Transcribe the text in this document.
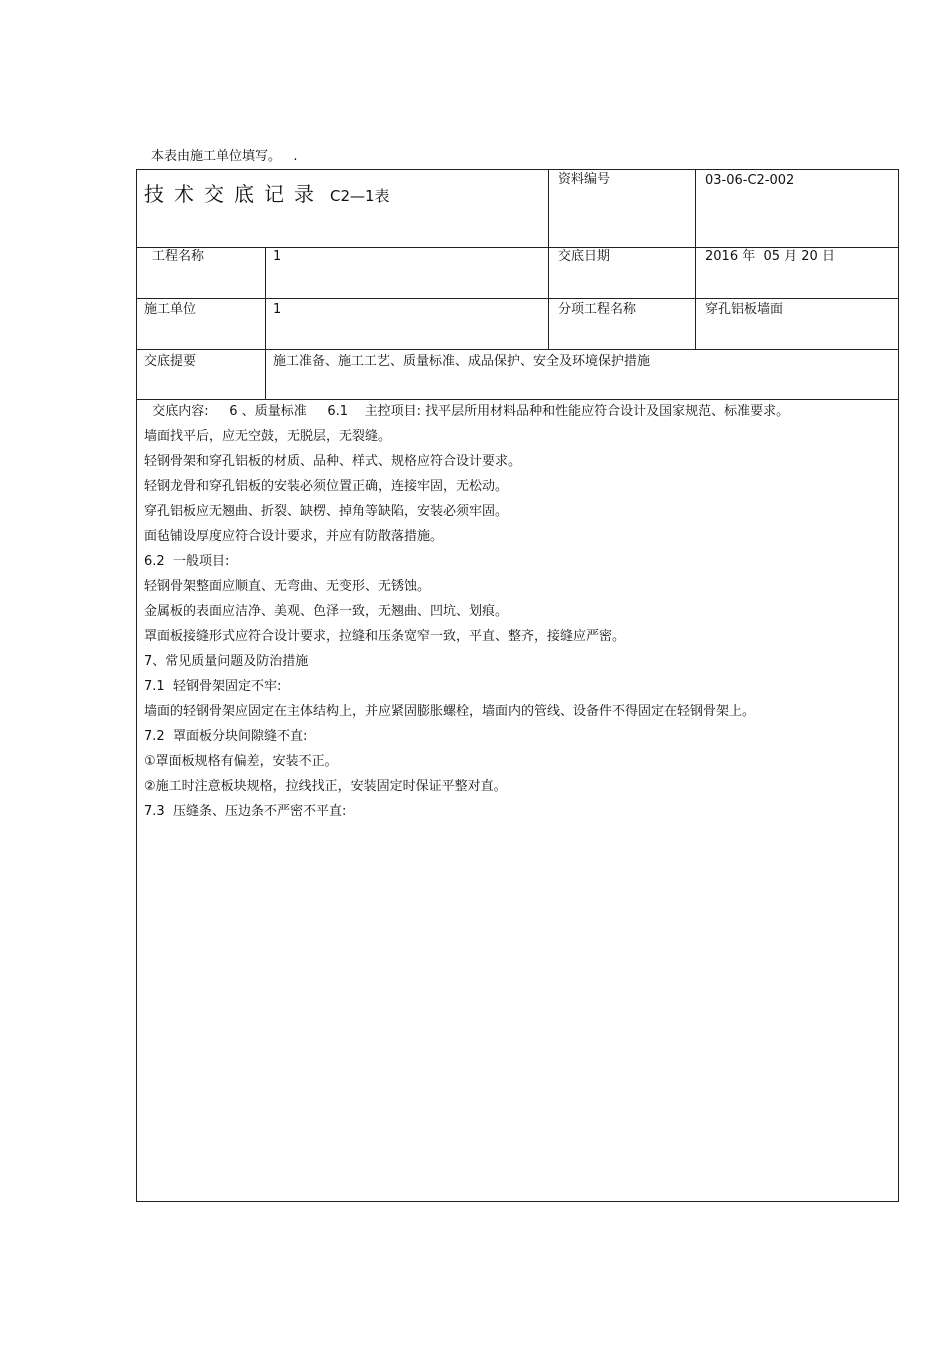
本表由施工单位填写。   .
技术交底记录 C2—1表
资料编号	03-06-C2-002
工程名称	1	交底日期	2016 年  05 月 20 日
施工单位	1	分项工程名称	穿孔铝板墙面
交底提要	施工准备、施工工艺、质量标准、成品保护、安全及环境保护措施
交底内容:     6 、质量标准     6.1    主控项目: 找平层所用材料品种和性能应符合设计及国家规范、标准要求。
墙面找平后，应无空鼓，无脱层，无裂缝。
轻钢骨架和穿孔铝板的材质、品种、样式、规格应符合设计要求。
轻钢龙骨和穿孔铝板的安装必须位置正确，连接牢固，无松动。
穿孔铝板应无翘曲、折裂、缺楞、掉角等缺陷，安装必须牢固。
面毡铺设厚度应符合设计要求，并应有防散落措施。
6.2  一般项目:
轻钢骨架整面应顺直、无弯曲、无变形、无锈蚀。
金属板的表面应洁净、美观、色泽一致，无翘曲、凹坑、划痕。
罩面板接缝形式应符合设计要求，拉缝和压条宽窄一致，平直、整齐，接缝应严密。
7、常见质量问题及防治措施
7.1  轻钢骨架固定不牢:
墙面的轻钢骨架应固定在主体结构上，并应紧固膨胀螺栓，墙面内的管线、设备件不得固定在轻钢骨架上。
7.2  罩面板分块间隙缝不直:
①罩面板规格有偏差，安装不正。
②施工时注意板块规格，拉线找正，安装固定时保证平整对直。
7.3  压缝条、压边条不严密不平直:
